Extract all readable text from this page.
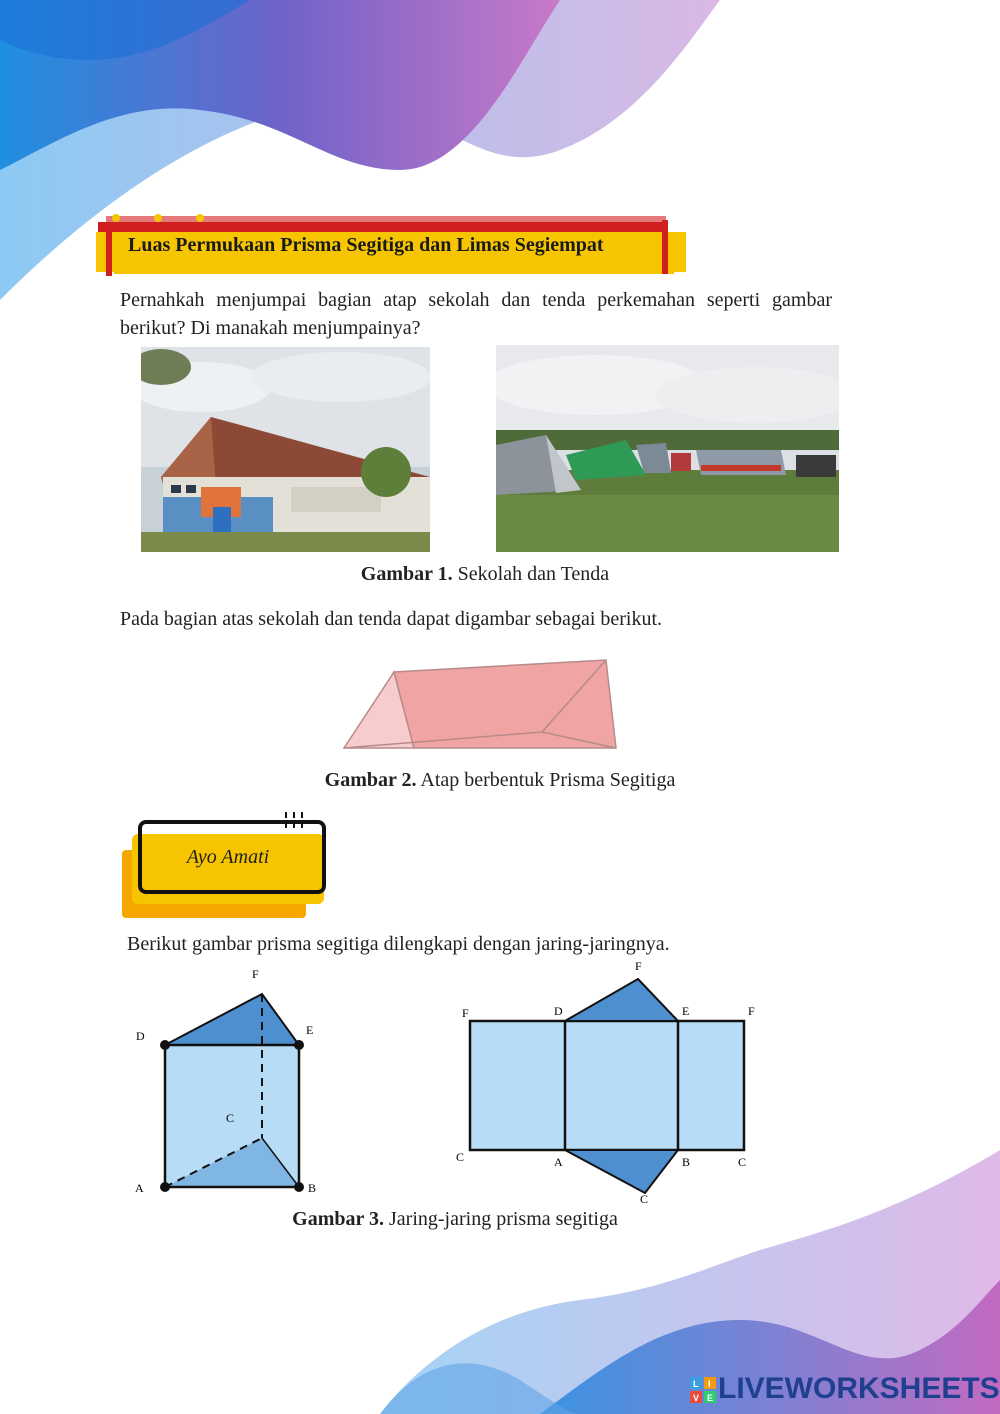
Luas Permukaan Prisma Segitiga dan Limas Segiempat
Pernahkah menjumpai bagian atap sekolah dan tenda perkemahan seperti gambar berikut? Di manakah menjumpainya?
Gambar 1. Sekolah dan Tenda
Pada bagian atas sekolah dan tenda dapat digambar sebagai berikut.
Gambar 2. Atap berbentuk Prisma Segitiga
Ayo Amati
Berikut gambar prisma segitiga dilengkapi dengan jaring-jaringnya.
F
D	E
C
A	B
F
F	D	E	F
C	A	B	C
C
Gambar 3. Jaring-jaring prisma segitiga
L I
V E LIVEWORKSHEETS
